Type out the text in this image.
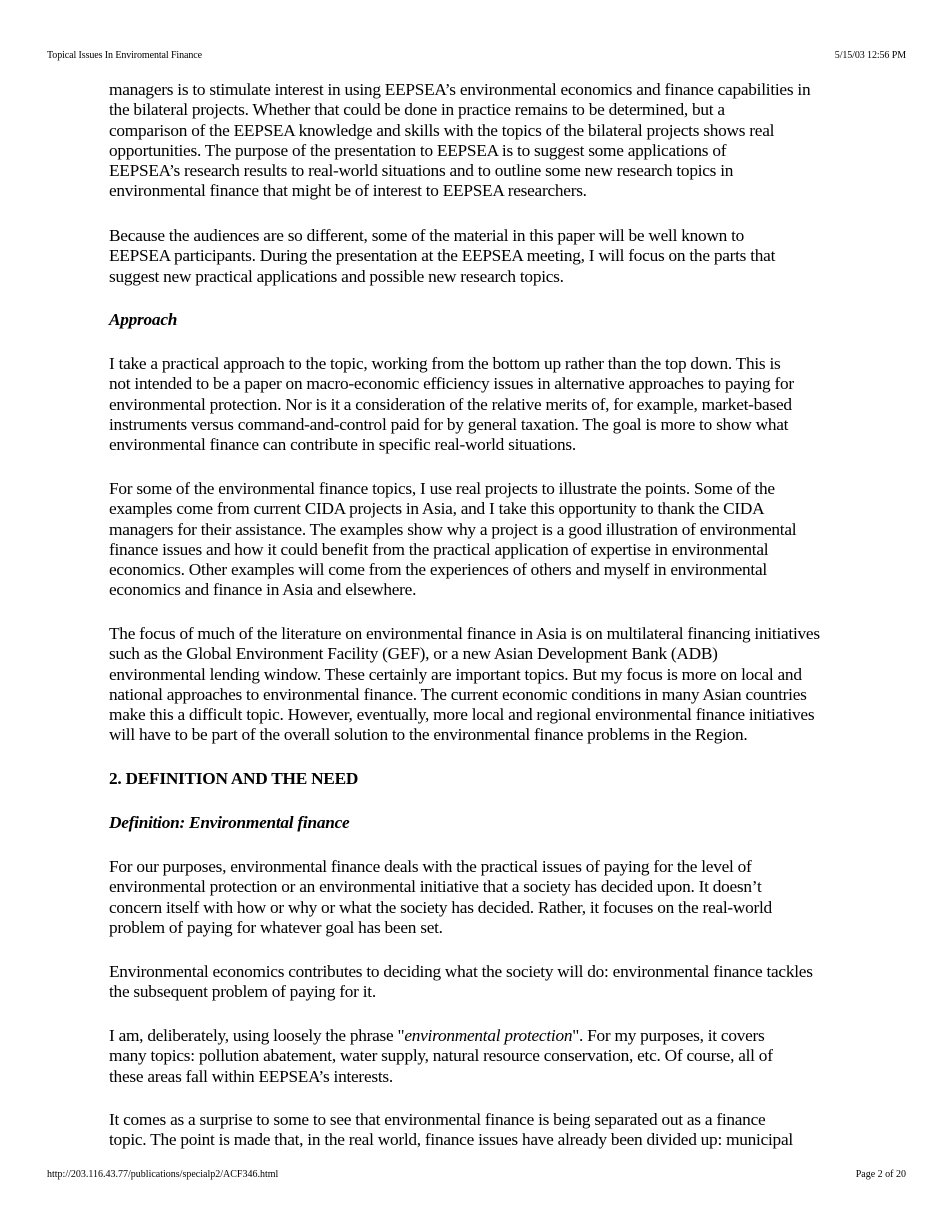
Topical Issues In Enviromental Finance	5/15/03 12:56 PM
managers is to stimulate interest in using EEPSEA’s environmental economics and finance capabilities in
the bilateral projects. Whether that could be done in practice remains to be determined, but a
comparison of the EEPSEA knowledge and skills with the topics of the bilateral projects shows real
opportunities. The purpose of the presentation to EEPSEA is to suggest some applications of
EEPSEA’s research results to real-world situations and to outline some new research topics in
environmental finance that might be of interest to EEPSEA researchers.
Because the audiences are so different, some of the material in this paper will be well known to
EEPSEA participants. During the presentation at the EEPSEA meeting, I will focus on the parts that
suggest new practical applications and possible new research topics.
Approach
I take a practical approach to the topic, working from the bottom up rather than the top down. This is
not intended to be a paper on macro-economic efficiency issues in alternative approaches to paying for
environmental protection. Nor is it a consideration of the relative merits of, for example, market-based
instruments versus command-and-control paid for by general taxation. The goal is more to show what
environmental finance can contribute in specific real-world situations.
For some of the environmental finance topics, I use real projects to illustrate the points. Some of the
examples come from current CIDA projects in Asia, and I take this opportunity to thank the CIDA
managers for their assistance. The examples show why a project is a good illustration of environmental
finance issues and how it could benefit from the practical application of expertise in environmental
economics. Other examples will come from the experiences of others and myself in environmental
economics and finance in Asia and elsewhere.
The focus of much of the literature on environmental finance in Asia is on multilateral financing initiatives
such as the Global Environment Facility (GEF), or a new Asian Development Bank (ADB)
environmental lending window. These certainly are important topics. But my focus is more on local and
national approaches to environmental finance. The current economic conditions in many Asian countries
make this a difficult topic. However, eventually, more local and regional environmental finance initiatives
will have to be part of the overall solution to the environmental finance problems in the Region.
2. DEFINITION AND THE NEED
Definition: Environmental finance
For our purposes, environmental finance deals with the practical issues of paying for the level of
environmental protection or an environmental initiative that a society has decided upon. It doesn’t
concern itself with how or why or what the society has decided. Rather, it focuses on the real-world
problem of paying for whatever goal has been set.
Environmental economics contributes to deciding what the society will do: environmental finance tackles
the subsequent problem of paying for it.
I am, deliberately, using loosely the phrase "environmental protection". For my purposes, it covers
many topics: pollution abatement, water supply, natural resource conservation, etc. Of course, all of
these areas fall within EEPSEA’s interests.
It comes as a surprise to some to see that environmental finance is being separated out as a finance
topic. The point is made that, in the real world, finance issues have already been divided up: municipal
http://203.116.43.77/publications/specialp2/ACF346.html	Page 2 of 20
